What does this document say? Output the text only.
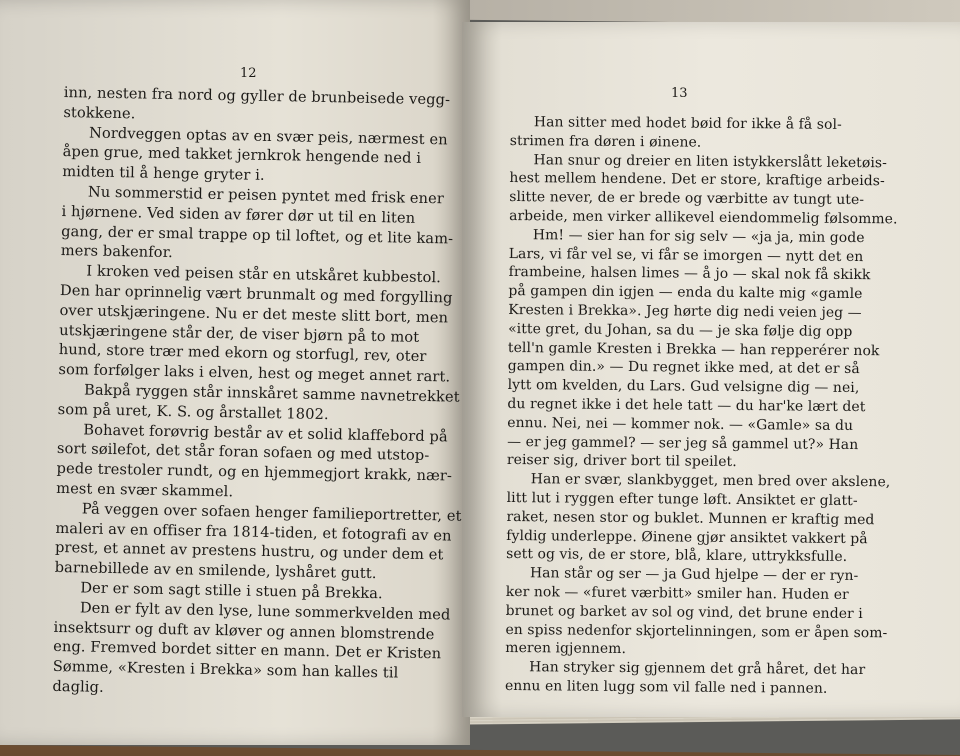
12
inn, nesten fra nord og gyller de brunbeisede vegg-
stokkene.
Nordveggen optas av en svær peis, nærmest en
åpen grue, med takket jernkrok hengende ned i
midten til å henge gryter i.
Nu sommerstid er peisen pyntet med frisk ener
i hjørnene. Ved siden av fører dør ut til en liten
gang, der er smal trappe op til loftet, og et lite kam-
mers bakenfor.
I kroken ved peisen står en utskåret kubbestol.
Den har oprinnelig vært brunmalt og med forgylling
over utskjæringene. Nu er det meste slitt bort, men
utskjæringene står der, de viser bjørn på to mot
hund, store trær med ekorn og storfugl, rev, oter
som forfølger laks i elven, hest og meget annet rart.
Bakpå ryggen står innskåret samme navnetrekket
som på uret, K. S. og årstallet 1802.
Bohavet forøvrig består av et solid klaffebord på
sort søilefot, det står foran sofaen og med utstop-
pede trestoler rundt, og en hjemmegjort krakk, nær-
mest en svær skammel.
På veggen over sofaen henger familieportretter, et
maleri av en offiser fra 1814-tiden, et fotografi av en
prest, et annet av prestens hustru, og under dem et
barnebillede av en smilende, lyshåret gutt.
Der er som sagt stille i stuen på Brekka.
Den er fylt av den lyse, lune sommerkvelden med
insektsurr og duft av kløver og annen blomstrende
eng. Fremved bordet sitter en mann. Det er Kristen
Sømme, «Kresten i Brekka» som han kalles til
daglig.
13
Han sitter med hodet bøid for ikke å få sol-
strimen fra døren i øinene.
Han snur og dreier en liten istykkerslått leketøis-
hest mellem hendene. Det er store, kraftige arbeids-
slitte never, de er brede og værbitte av tungt ute-
arbeide, men virker allikevel eiendommelig følsomme.
Hm! — sier han for sig selv — «ja ja, min gode
Lars, vi får vel se, vi får se imorgen — nytt det en
frambeine, halsen limes — å jo — skal nok få skikk
på gampen din igjen — enda du kalte mig «gamle
Kresten i Brekka». Jeg hørte dig nedi veien jeg —
«itte gret, du Johan, sa du — je ska følje dig opp
tell'n gamle Kresten i Brekka — han repperérer nok
gampen din.» — Du regnet ikke med, at det er så
lytt om kvelden, du Lars. Gud velsigne dig — nei,
du regnet ikke i det hele tatt — du har'ke lært det
ennu. Nei, nei — kommer nok. — «Gamle» sa du
— er jeg gammel? — ser jeg så gammel ut?» Han
reiser sig, driver bort til speilet.
Han er svær, slankbygget, men bred over akslene,
litt lut i ryggen efter tunge løft. Ansiktet er glatt-
raket, nesen stor og buklet. Munnen er kraftig med
fyldig underleppe. Øinene gjør ansiktet vakkert på
sett og vis, de er store, blå, klare, uttrykksfulle.
Han står og ser — ja Gud hjelpe — der er ryn-
ker nok — «furet værbitt» smiler han. Huden er
brunet og barket av sol og vind, det brune ender i
en spiss nedenfor skjortelinningen, som er åpen som-
meren igjennem.
Han stryker sig gjennem det grå håret, det har
ennu en liten lugg som vil falle ned i pannen.
